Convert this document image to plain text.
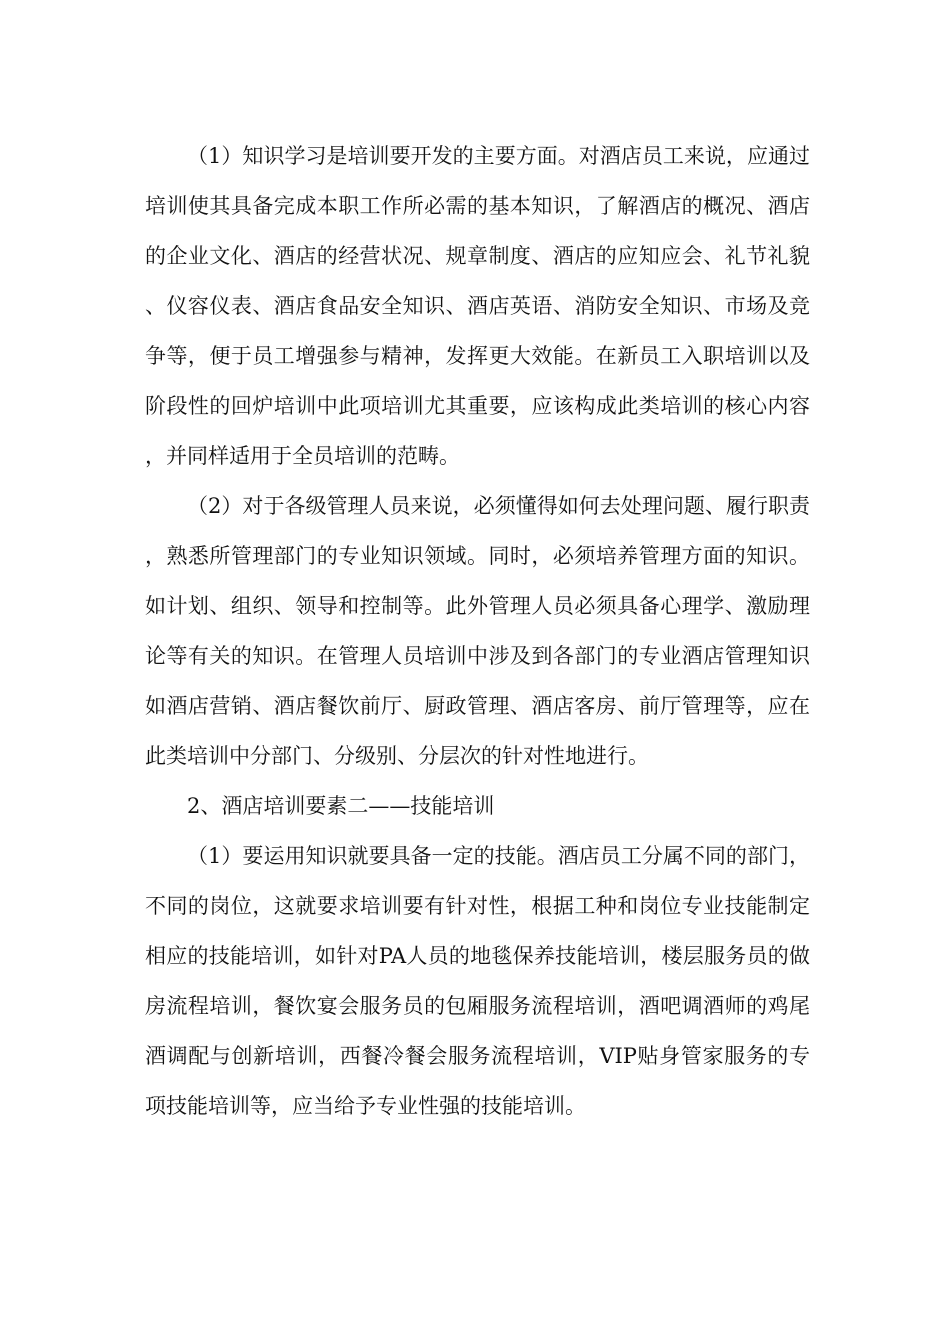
（1）知识学习是培训要开发的主要方面。对酒店员工来说，应通过培训使其具备完成本职工作所必需的基本知识，了解酒店的概况、酒店的企业文化、酒店的经营状况、规章制度、酒店的应知应会、礼节礼貌、仪容仪表、酒店食品安全知识、酒店英语、消防安全知识、市场及竞争等，便于员工增强参与精神，发挥更大效能。在新员工入职培训以及阶段性的回炉培训中此项培训尤其重要，应该构成此类培训的核心内容，并同样适用于全员培训的范畴。

（2）对于各级管理人员来说，必须懂得如何去处理问题、履行职责，熟悉所管理部门的专业知识领域。同时，必须培养管理方面的知识。如计划、组织、领导和控制等。此外管理人员必须具备心理学、激励理论等有关的知识。在管理人员培训中涉及到各部门的专业酒店管理知识如酒店营销、酒店餐饮前厅、厨政管理、酒店客房、前厅管理等，应在此类培训中分部门、分级别、分层次的针对性地进行。

2、酒店培训要素二——技能培训

（1）要运用知识就要具备一定的技能。酒店员工分属不同的部门，不同的岗位，这就要求培训要有针对性，根据工种和岗位专业技能制定相应的技能培训，如针对PA人员的地毯保养技能培训，楼层服务员的做房流程培训，餐饮宴会服务员的包厢服务流程培训，酒吧调酒师的鸡尾酒调配与创新培训，西餐冷餐会服务流程培训，VIP贴身管家服务的专项技能培训等，应当给予专业性强的技能培训。
